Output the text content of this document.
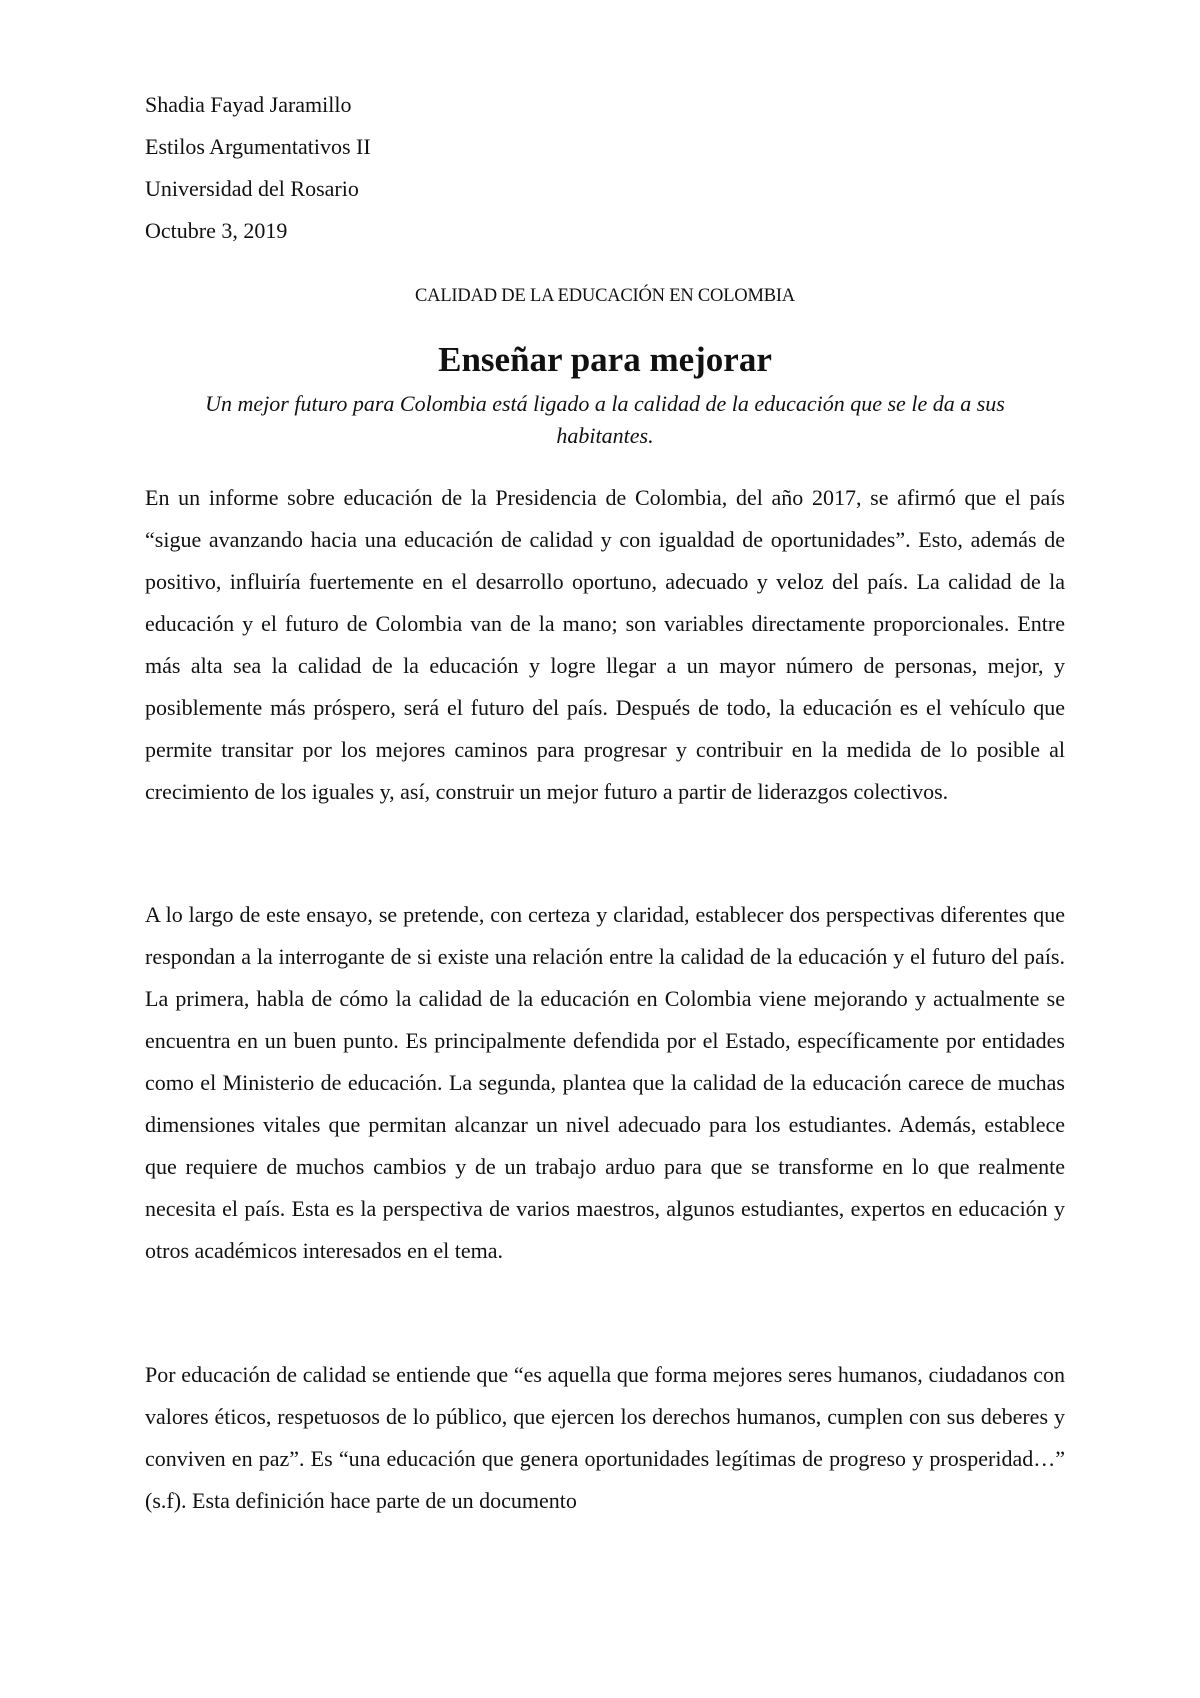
Shadia Fayad Jaramillo
Estilos Argumentativos II
Universidad del Rosario
Octubre 3, 2019
CALIDAD DE LA EDUCACIÓN EN COLOMBIA
Enseñar para mejorar
Un mejor futuro para Colombia está ligado a la calidad de la educación que se le da a sus habitantes.

En un informe sobre educación de la Presidencia de Colombia, del año 2017, se afirmó que el país “sigue avanzando hacia una educación de calidad y con igualdad de oportunidades”. Esto, además de positivo, influiría fuertemente en el desarrollo oportuno, adecuado y veloz del país. La calidad de la educación y el futuro de Colombia van de la mano; son variables directamente proporcionales. Entre más alta sea la calidad de la educación y logre llegar a un mayor número de personas, mejor, y posiblemente más próspero, será el futuro del país. Después de todo, la educación es el vehículo que permite transitar por los mejores caminos para progresar y contribuir en la medida de lo posible al crecimiento de los iguales y, así, construir un mejor futuro a partir de liderazgos colectivos.

A lo largo de este ensayo, se pretende, con certeza y claridad, establecer dos perspectivas diferentes que respondan a la interrogante de si existe una relación entre la calidad de la educación y el futuro del país. La primera, habla de cómo la calidad de la educación en Colombia viene mejorando y actualmente se encuentra en un buen punto. Es principalmente defendida por el Estado, específicamente por entidades como el Ministerio de educación. La segunda, plantea que la calidad de la educación carece de muchas dimensiones vitales que permitan alcanzar un nivel adecuado para los estudiantes. Además, establece que requiere de muchos cambios y de un trabajo arduo para que se transforme en lo que realmente necesita el país. Esta es la perspectiva de varios maestros, algunos estudiantes, expertos en educación y otros académicos interesados en el tema.

Por educación de calidad se entiende que “es aquella que forma mejores seres humanos, ciudadanos con valores éticos, respetuosos de lo público, que ejercen los derechos humanos, cumplen con sus deberes y conviven en paz”. Es “una educación que genera oportunidades legítimas de progreso y prosperidad…” (s.f). Esta definición hace parte de un documento
